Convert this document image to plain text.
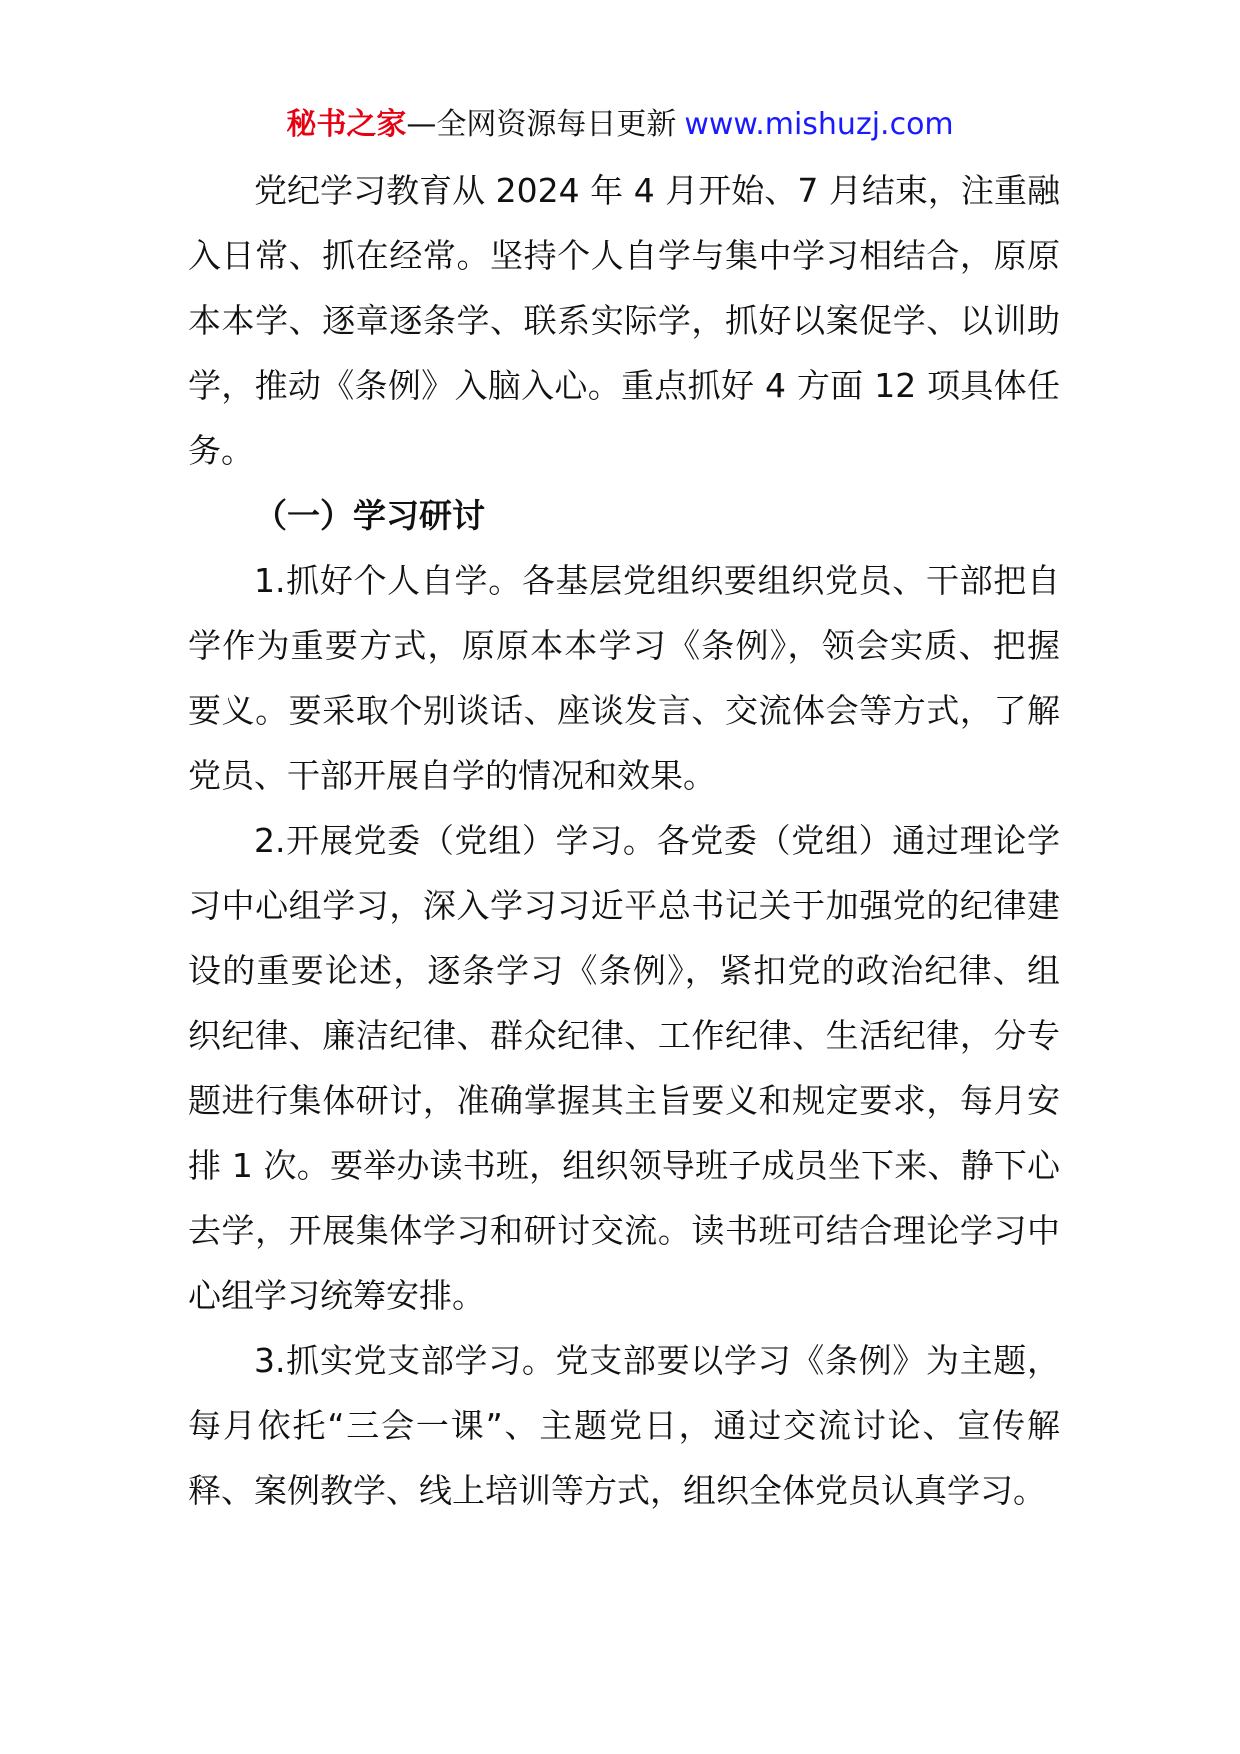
秘书之家—全网资源每日更新 www.mishuzj.com

党纪学习教育从 2024 年 4 月开始、7 月结束，注重融入日常、抓在经常。坚持个人自学与集中学习相结合，原原本本学、逐章逐条学、联系实际学，抓好以案促学、以训助学，推动《条例》入脑入心。重点抓好 4 方面 12 项具体任务。

（一）学习研讨

1.抓好个人自学。各基层党组织要组织党员、干部把自学作为重要方式，原原本本学习《条例》，领会实质、把握要义。要采取个别谈话、座谈发言、交流体会等方式，了解党员、干部开展自学的情况和效果。

2.开展党委（党组）学习。各党委（党组）通过理论学习中心组学习，深入学习习近平总书记关于加强党的纪律建设的重要论述，逐条学习《条例》，紧扣党的政治纪律、组织纪律、廉洁纪律、群众纪律、工作纪律、生活纪律，分专题进行集体研讨，准确掌握其主旨要义和规定要求，每月安排 1 次。要举办读书班，组织领导班子成员坐下来、静下心去学，开展集体学习和研讨交流。读书班可结合理论学习中心组学习统筹安排。

3.抓实党支部学习。党支部要以学习《条例》为主题，每月依托“三会一课”、主题党日，通过交流讨论、宣传解释、案例教学、线上培训等方式，组织全体党员认真学习。
